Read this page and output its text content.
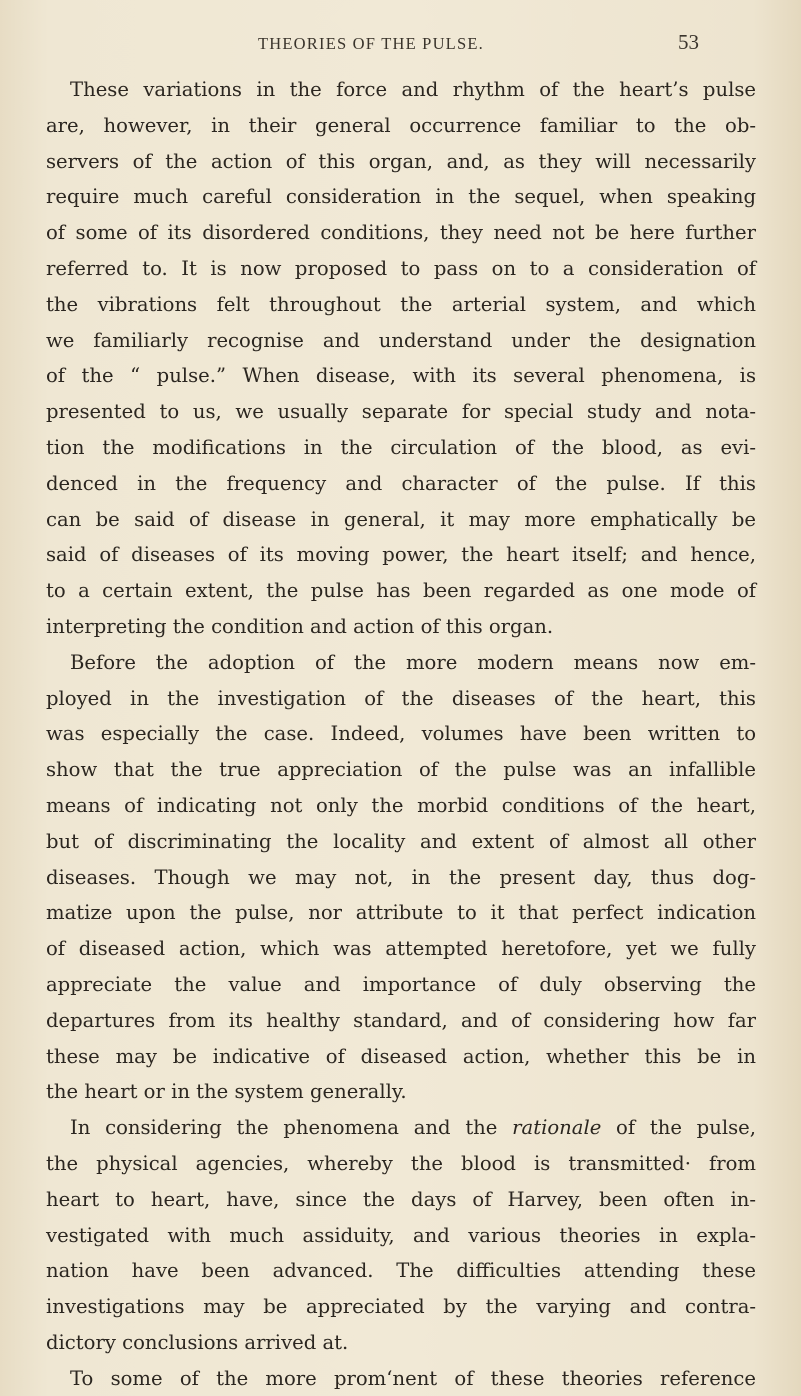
THEORIES OF THE PULSE.	53
These variations in the force and rhythm of the heart’s pulse
are, however, in their general occurrence familiar to the ob-
servers of the action of this organ, and, as they will necessarily
require much careful consideration in the sequel, when speaking
of some of its disordered conditions, they need not be here further
referred to. It is now proposed to pass on to a consideration of
the vibrations felt throughout the arterial system, and which
we familiarly recognise and understand under the designation
of the “ pulse.” When disease, with its several phenomena, is
presented to us, we usually separate for special study and nota-
tion the modifications in the circulation of the blood, as evi-
denced in the frequency and character of the pulse. If this
can be said of disease in general, it may more emphatically be
said of diseases of its moving power, the heart itself; and hence,
to a certain extent, the pulse has been regarded as one mode of
interpreting the condition and action of this organ.
Before the adoption of the more modern means now em-
ployed in the investigation of the diseases of the heart, this
was especially the case. Indeed, volumes have been written to
show that the true appreciation of the pulse was an infallible
means of indicating not only the morbid conditions of the heart,
but of discriminating the locality and extent of almost all other
diseases. Though we may not, in the present day, thus dog-
matize upon the pulse, nor attribute to it that perfect indication
of diseased action, which was attempted heretofore, yet we fully
appreciate the value and importance of duly observing the
departures from its healthy standard, and of considering how far
these may be indicative of diseased action, whether this be in
the heart or in the system generally.
In considering the phenomena and the rationale of the pulse,
the physical agencies, whereby the blood is transmitted· from
heart to heart, have, since the days of Harvey, been often in-
vestigated with much assiduity, and various theories in expla-
nation have been advanced. The difficulties attending these
investigations may be appreciated by the varying and contra-
dictory conclusions arrived at.
To some of the more prom‘nent of these theories reference
